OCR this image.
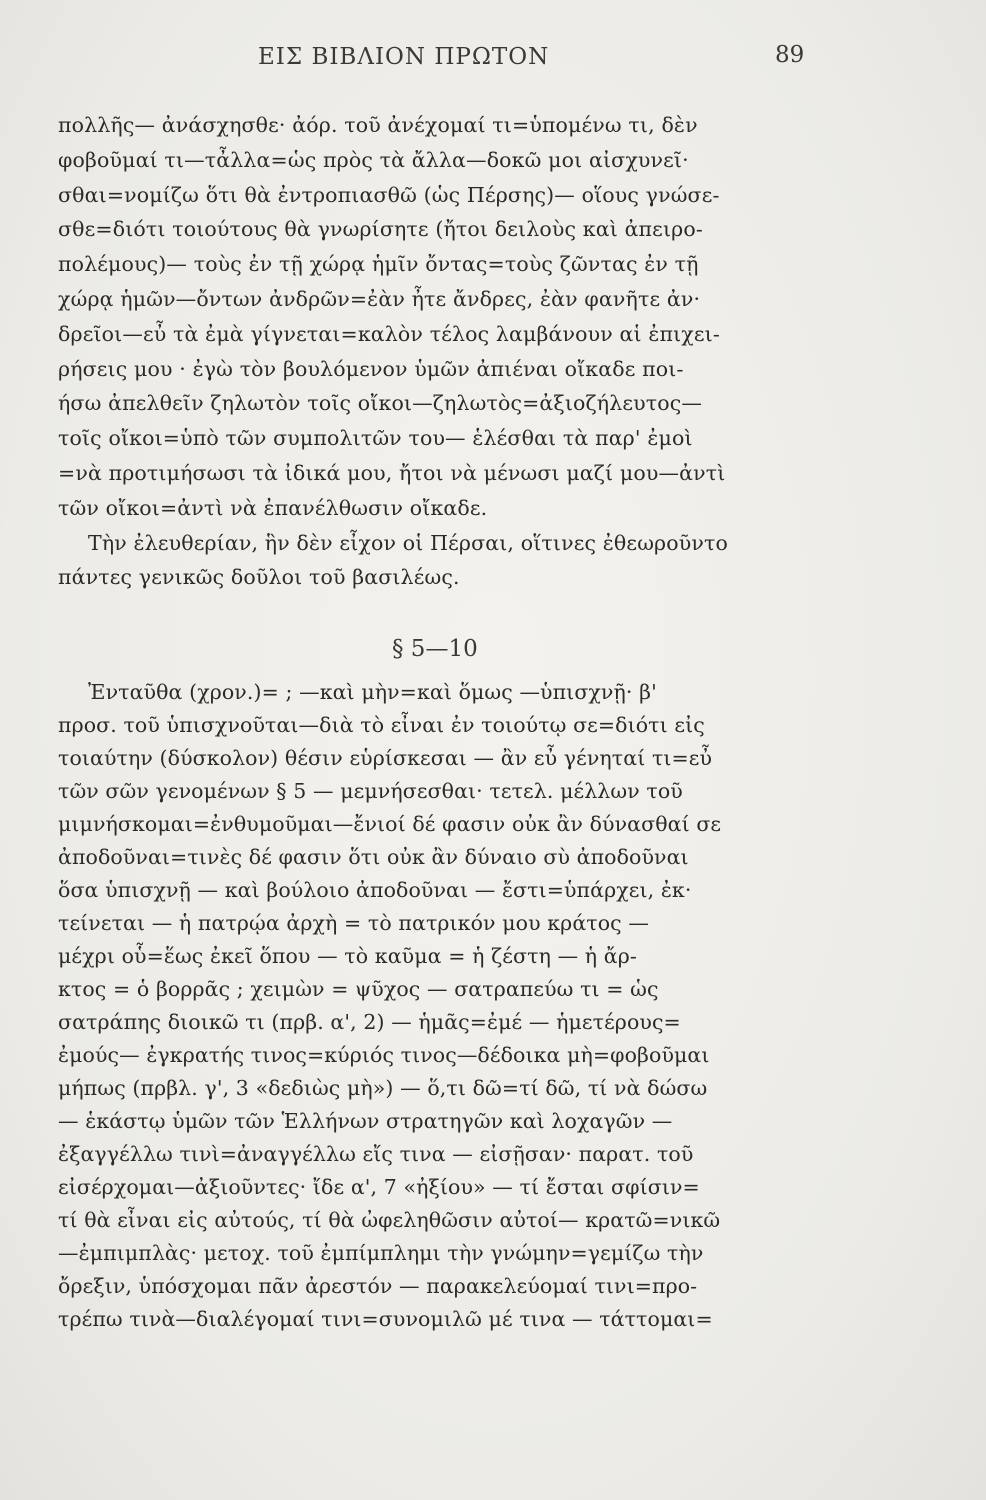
ΕΙΣ ΒΙΒΛΙΟΝ ΠΡΩΤΟΝ	89
πολλῆς— ἀνάσχησθε· ἀόρ. τοῦ ἀνέχομαί τι=ὑπομένω τι, δὲν
φοβοῦμαί τι—τἆλλα=ὡς πρὸς τὰ ἄλλα—δοκῶ μοι αἰσχυνεῖ·
σθαι=νομίζω ὅτι θὰ ἐντροπιασθῶ (ὡς Πέρσης)— οἵους γνώσε-
σθε=διότι τοιούτους θὰ γνωρίσητε (ἤτοι δειλοὺς καὶ ἀπειρο-
πολέμους)— τοὺς ἐν τῇ χώρᾳ ἡμῖν ὄντας=τοὺς ζῶντας ἐν τῇ
χώρᾳ ἡμῶν—ὄντων ἀνδρῶν=ἐὰν ἦτε ἄνδρες, ἐὰν φανῆτε ἀν·
δρεῖοι—εὖ τὰ ἐμὰ γίγνεται=καλὸν τέλος λαμβάνουν αἱ ἐπιχει-
ρήσεις μου · ἐγὼ τὸν βουλόμενον ὑμῶν ἀπιέναι οἴκαδε ποι-
ήσω ἀπελθεῖν ζηλωτὸν τοῖς οἴκοι—ζηλωτὸς=ἀξιοζήλευτος—
τοῖς οἴκοι=ὑπὸ τῶν συμπολιτῶν του— ἑλέσθαι τὰ παρ' ἐμοὶ
=νὰ προτιμήσωσι τὰ ἰδικά μου, ἤτοι νὰ μένωσι μαζί μου—ἀντὶ
τῶν οἴκοι=ἀντὶ νὰ ἐπανέλθωσιν οἴκαδε.
Τὴν ἐλευθερίαν, ἣν δὲν εἶχον οἱ Πέρσαι, οἵτινες ἐθεωροῦντο
πάντες γενικῶς δοῦλοι τοῦ βασιλέως.
§ 5—10
Ἐνταῦθα (χρον.)= ; —καὶ μὴν=καὶ ὅμως —ὑπισχνῇ· β'
προσ. τοῦ ὑπισχνοῦται—διὰ τὸ εἶναι ἐν τοιούτῳ σε=διότι εἰς
τοιαύτην (δύσκολον) θέσιν εὑρίσκεσαι — ἂν εὖ γένηταί τι=εὖ
τῶν σῶν γενομένων § 5 — μεμνήσεσθαι· τετελ. μέλλων τοῦ
μιμνήσκομαι=ἐνθυμοῦμαι—ἔνιοί δέ φασιν οὐκ ἂν δύνασθαί σε
ἀποδοῦναι=τινὲς δέ φασιν ὅτι οὐκ ἂν δύναιο σὺ ἀποδοῦναι
ὅσα ὑπισχνῇ — καὶ βούλοιο ἀποδοῦναι — ἔστι=ὑπάρχει, ἐκ·
τείνεται — ἡ πατρῴα ἀρχὴ = τὸ πατρικόν μου κράτος —
μέχρι οὗ=ἕως ἐκεῖ ὅπου — τὸ καῦμα = ἡ ζέστη — ἡ ἄρ-
κτος = ὁ βορρᾶς ; χειμὼν = ψῦχος — σατραπεύω τι = ὡς
σατράπης διοικῶ τι (πρβ. α', 2) — ἡμᾶς=ἐμέ — ἡμετέρους=
ἐμούς— ἐγκρατής τινος=κύριός τινος—δέδοικα μὴ=φοβοῦμαι
μήπως (πρβλ. γ', 3 «δεδιὼς μὴ») — ὅ,τι δῶ=τί δῶ, τί νὰ δώσω
— ἑκάστῳ ὑμῶν τῶν Ἑλλήνων στρατηγῶν καὶ λοχαγῶν —
ἐξαγγέλλω τινὶ=ἀναγγέλλω εἴς τινα — εἰσῇσαν· παρατ. τοῦ
εἰσέρχομαι—ἀξιοῦντες· ἴδε α', 7 «ἠξίου» — τί ἔσται σφίσιν=
τί θὰ εἶναι εἰς αὐτούς, τί θὰ ὠφεληθῶσιν αὐτοί— κρατῶ=νικῶ
—ἐμπιμπλὰς· μετοχ. τοῦ ἐμπίμπλημι τὴν γνώμην=γεμίζω τὴν
ὄρεξιν, ὑπόσχομαι πᾶν ἀρεστόν — παρακελεύομαί τινι=προ-
τρέπω τινὰ—διαλέγομαί τινι=συνομιλῶ μέ τινα — τάττομαι=
